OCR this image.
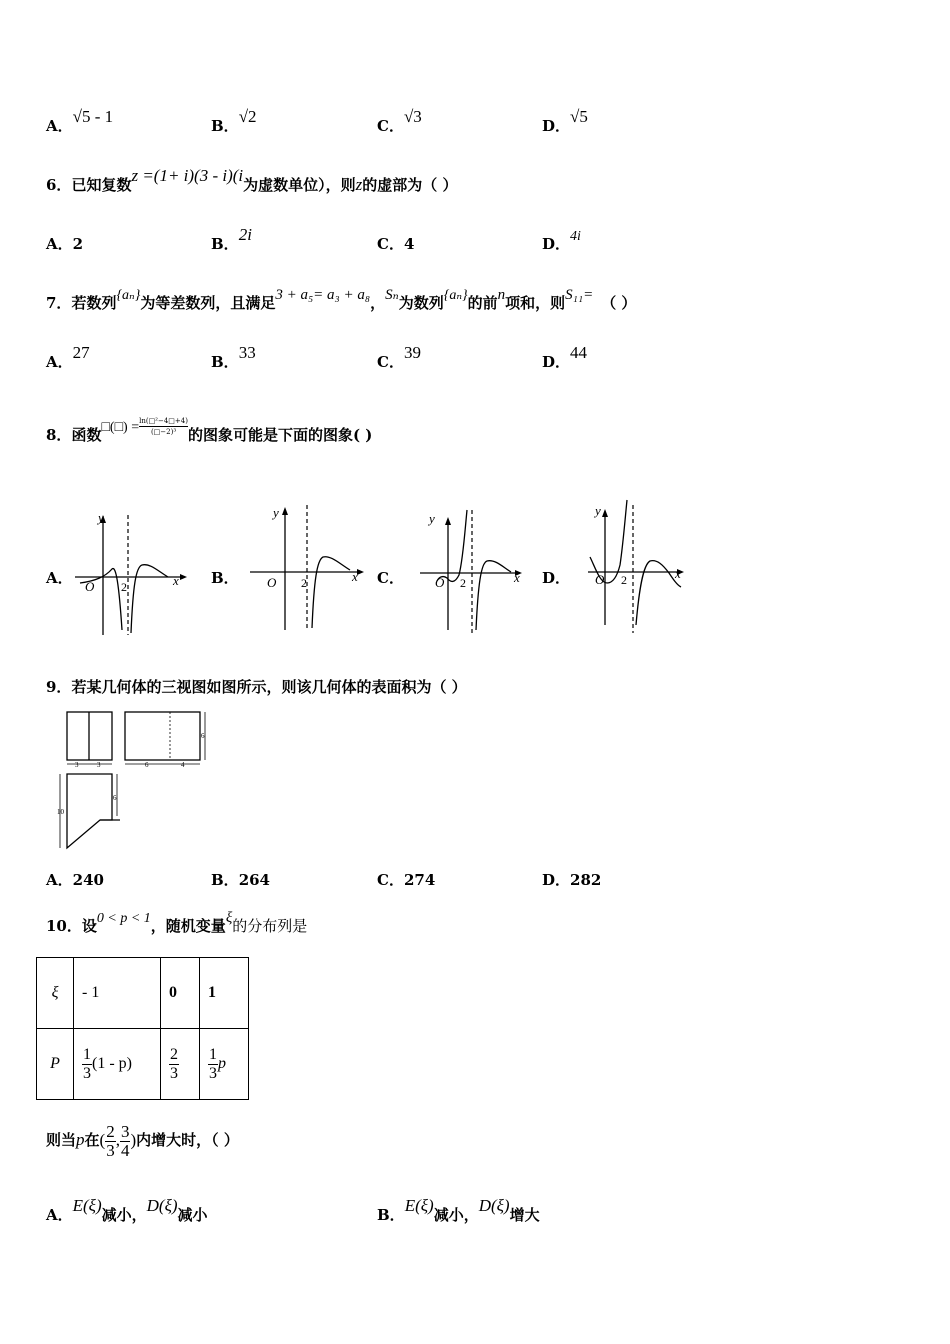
A．√5 - 1	B．√2	C．√3	D．√5
6．已知复数z =(1+ i)(3 - i)(i为虚数单位），则z的虚部为（ ）
A．2	B．2i	C．4	D．4i
7．若数列{aₙ}为等差数列，且满足3 + a₅= a₃ + a₈，Sₙ为数列{aₙ}的前n项和，则S₁₁= （ ）
A．27	B．33	C．39	D．44
8．函数□(□) = $\frac{\text{ln(□²−4□+4)}}{\text{(□−2)³}}$ 的图象可能是下面的图象( )
A．
y
x
O 2	B．
y
x
O 2	C．
y
x
O 2	D．
y
x
O 2
9．若某几何体的三视图如图所示，则该几何体的表面积为（ ）
3	3	6	4
6
10
6
A．240	B．264	C．274	D．282
10．设0 < p < 1，随机变量ξ的分布列是
ξ	- 1	0	1
P	$\frac{1}{3} (1 - p)$	$\frac{2}{3}$	$\frac{1}{3}$ p
则当p在( $\frac{2}{3}$ , $\frac{3}{4}$ )内增大时，（ ）
A．E(ξ)减小，D(ξ)减小	B．E(ξ)减小，D(ξ)增大
